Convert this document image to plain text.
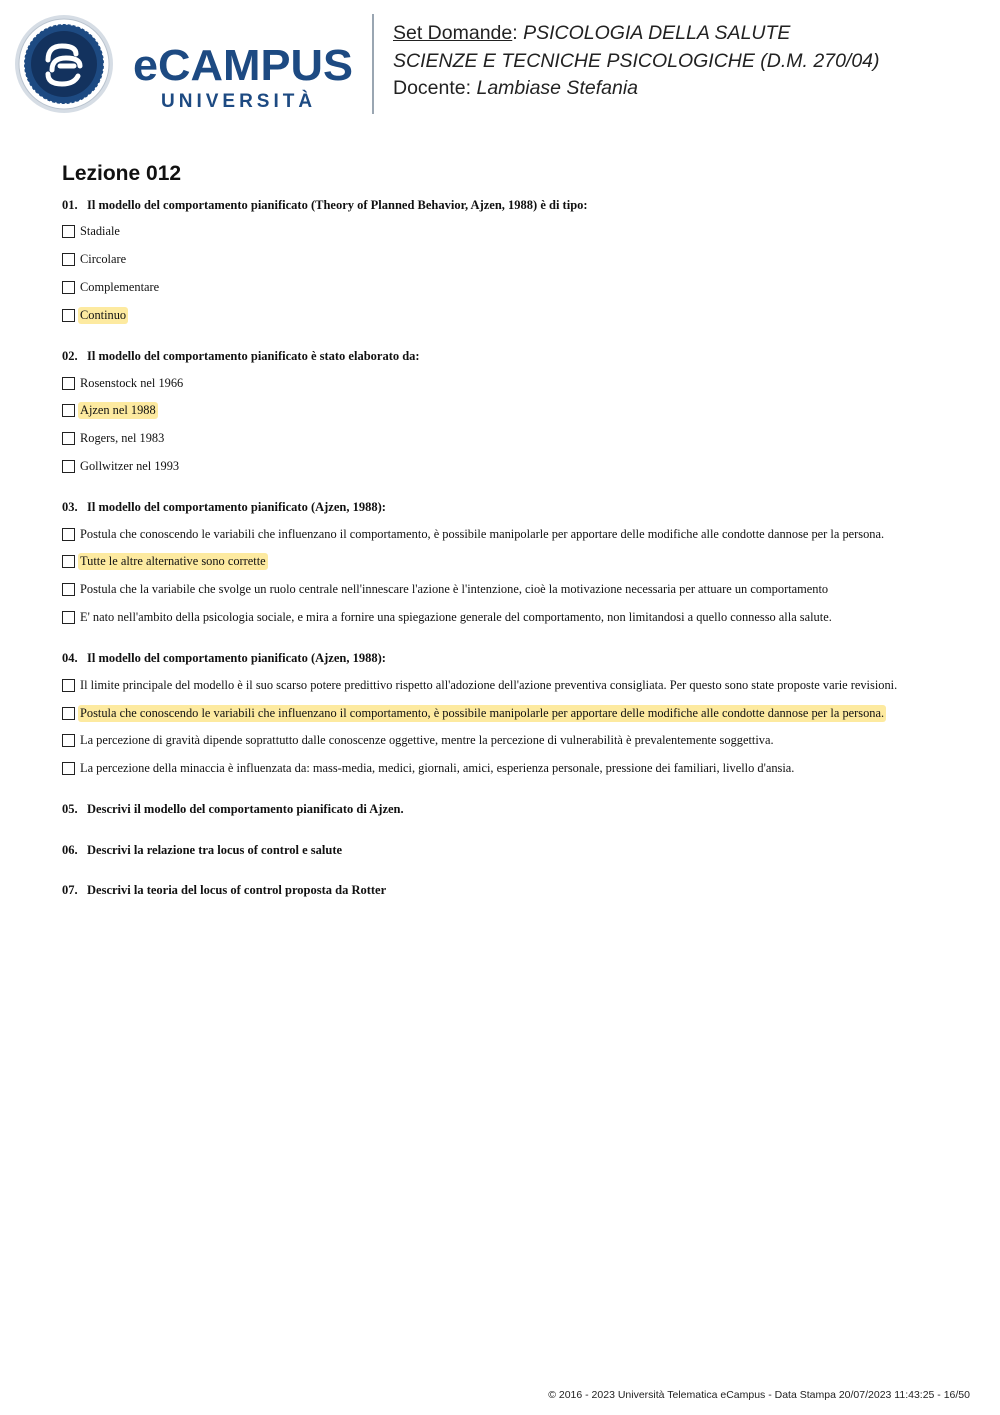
eCAMPUS
UNIVERSITÀ
Set Domande: PSICOLOGIA DELLA SALUTE
SCIENZE E TECNICHE PSICOLOGICHE (D.M. 270/04)
Docente: Lambiase Stefania
Lezione 012
01. Il modello del comportamento pianificato (Theory of Planned Behavior, Ajzen, 1988) è di tipo:
Stadiale
Circolare
Complementare
Continuo
02. Il modello del comportamento pianificato è stato elaborato da:
Rosenstock nel 1966
Ajzen nel 1988
Rogers, nel 1983
Gollwitzer nel 1993
03. Il modello del comportamento pianificato (Ajzen, 1988):
Postula che conoscendo le variabili che influenzano il comportamento, è possibile manipolarle per apportare delle modifiche alle condotte dannose per la persona.
Tutte le altre alternative sono corrette
Postula che la variabile che svolge un ruolo centrale nell'innescare l'azione è l'intenzione, cioè la motivazione necessaria per attuare un comportamento
E' nato nell'ambito della psicologia sociale, e mira a fornire una spiegazione generale del comportamento, non limitandosi a quello connesso alla salute.
04. Il modello del comportamento pianificato (Ajzen, 1988):
Il limite principale del modello è il suo scarso potere predittivo rispetto all'adozione dell'azione preventiva consigliata. Per questo sono state proposte varie revisioni.
Postula che conoscendo le variabili che influenzano il comportamento, è possibile manipolarle per apportare delle modifiche alle condotte dannose per la persona.
La percezione di gravità dipende soprattutto dalle conoscenze oggettive, mentre la percezione di vulnerabilità è prevalentemente soggettiva.
La percezione della minaccia è influenzata da: mass-media, medici, giornali, amici, esperienza personale, pressione dei familiari, livello d'ansia.
05. Descrivi il modello del comportamento pianificato di Ajzen.
06. Descrivi la relazione tra locus of control e salute
07. Descrivi la teoria del locus of control proposta da Rotter
© 2016 - 2023 Università Telematica eCampus - Data Stampa 20/07/2023 11:43:25 - 16/50
